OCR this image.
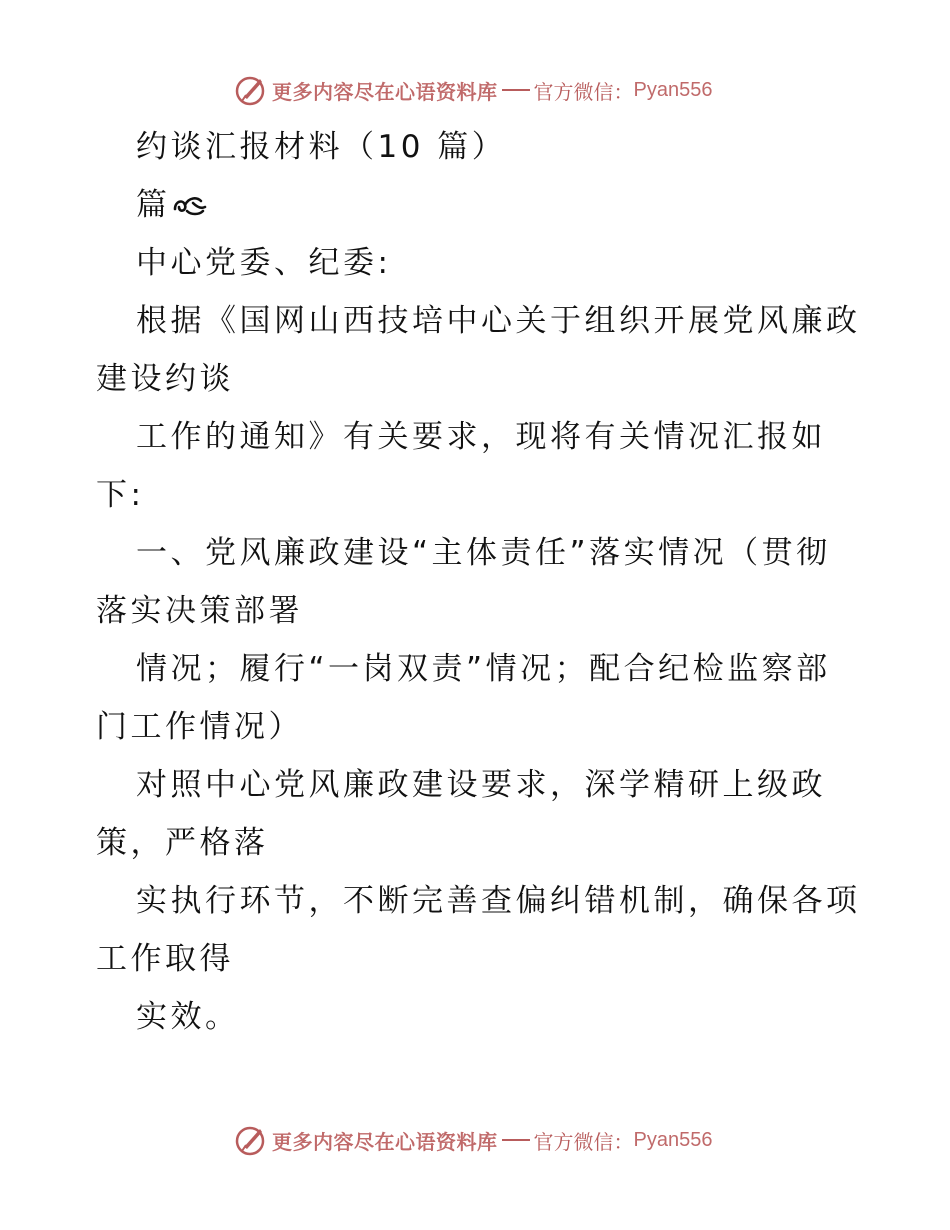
更多内容尽在心语资料库 官方微信： Pyan556
约谈汇报材料（10 篇）
篇
中心党委、纪委:
根据《国网山西技培中心关于组织开展党风廉政
建设约谈
工作的通知》有关要求，现将有关情况汇报如
下:
一、党风廉政建设“主体责任”落实情况（贯彻
落实决策部署
情况；履行“一岗双责”情况；配合纪检监察部
门工作情况）
对照中心党风廉政建设要求，深学精研上级政
策，严格落
实执行环节，不断完善查偏纠错机制，确保各项
工作取得
实效。
更多内容尽在心语资料库 官方微信： Pyan556
